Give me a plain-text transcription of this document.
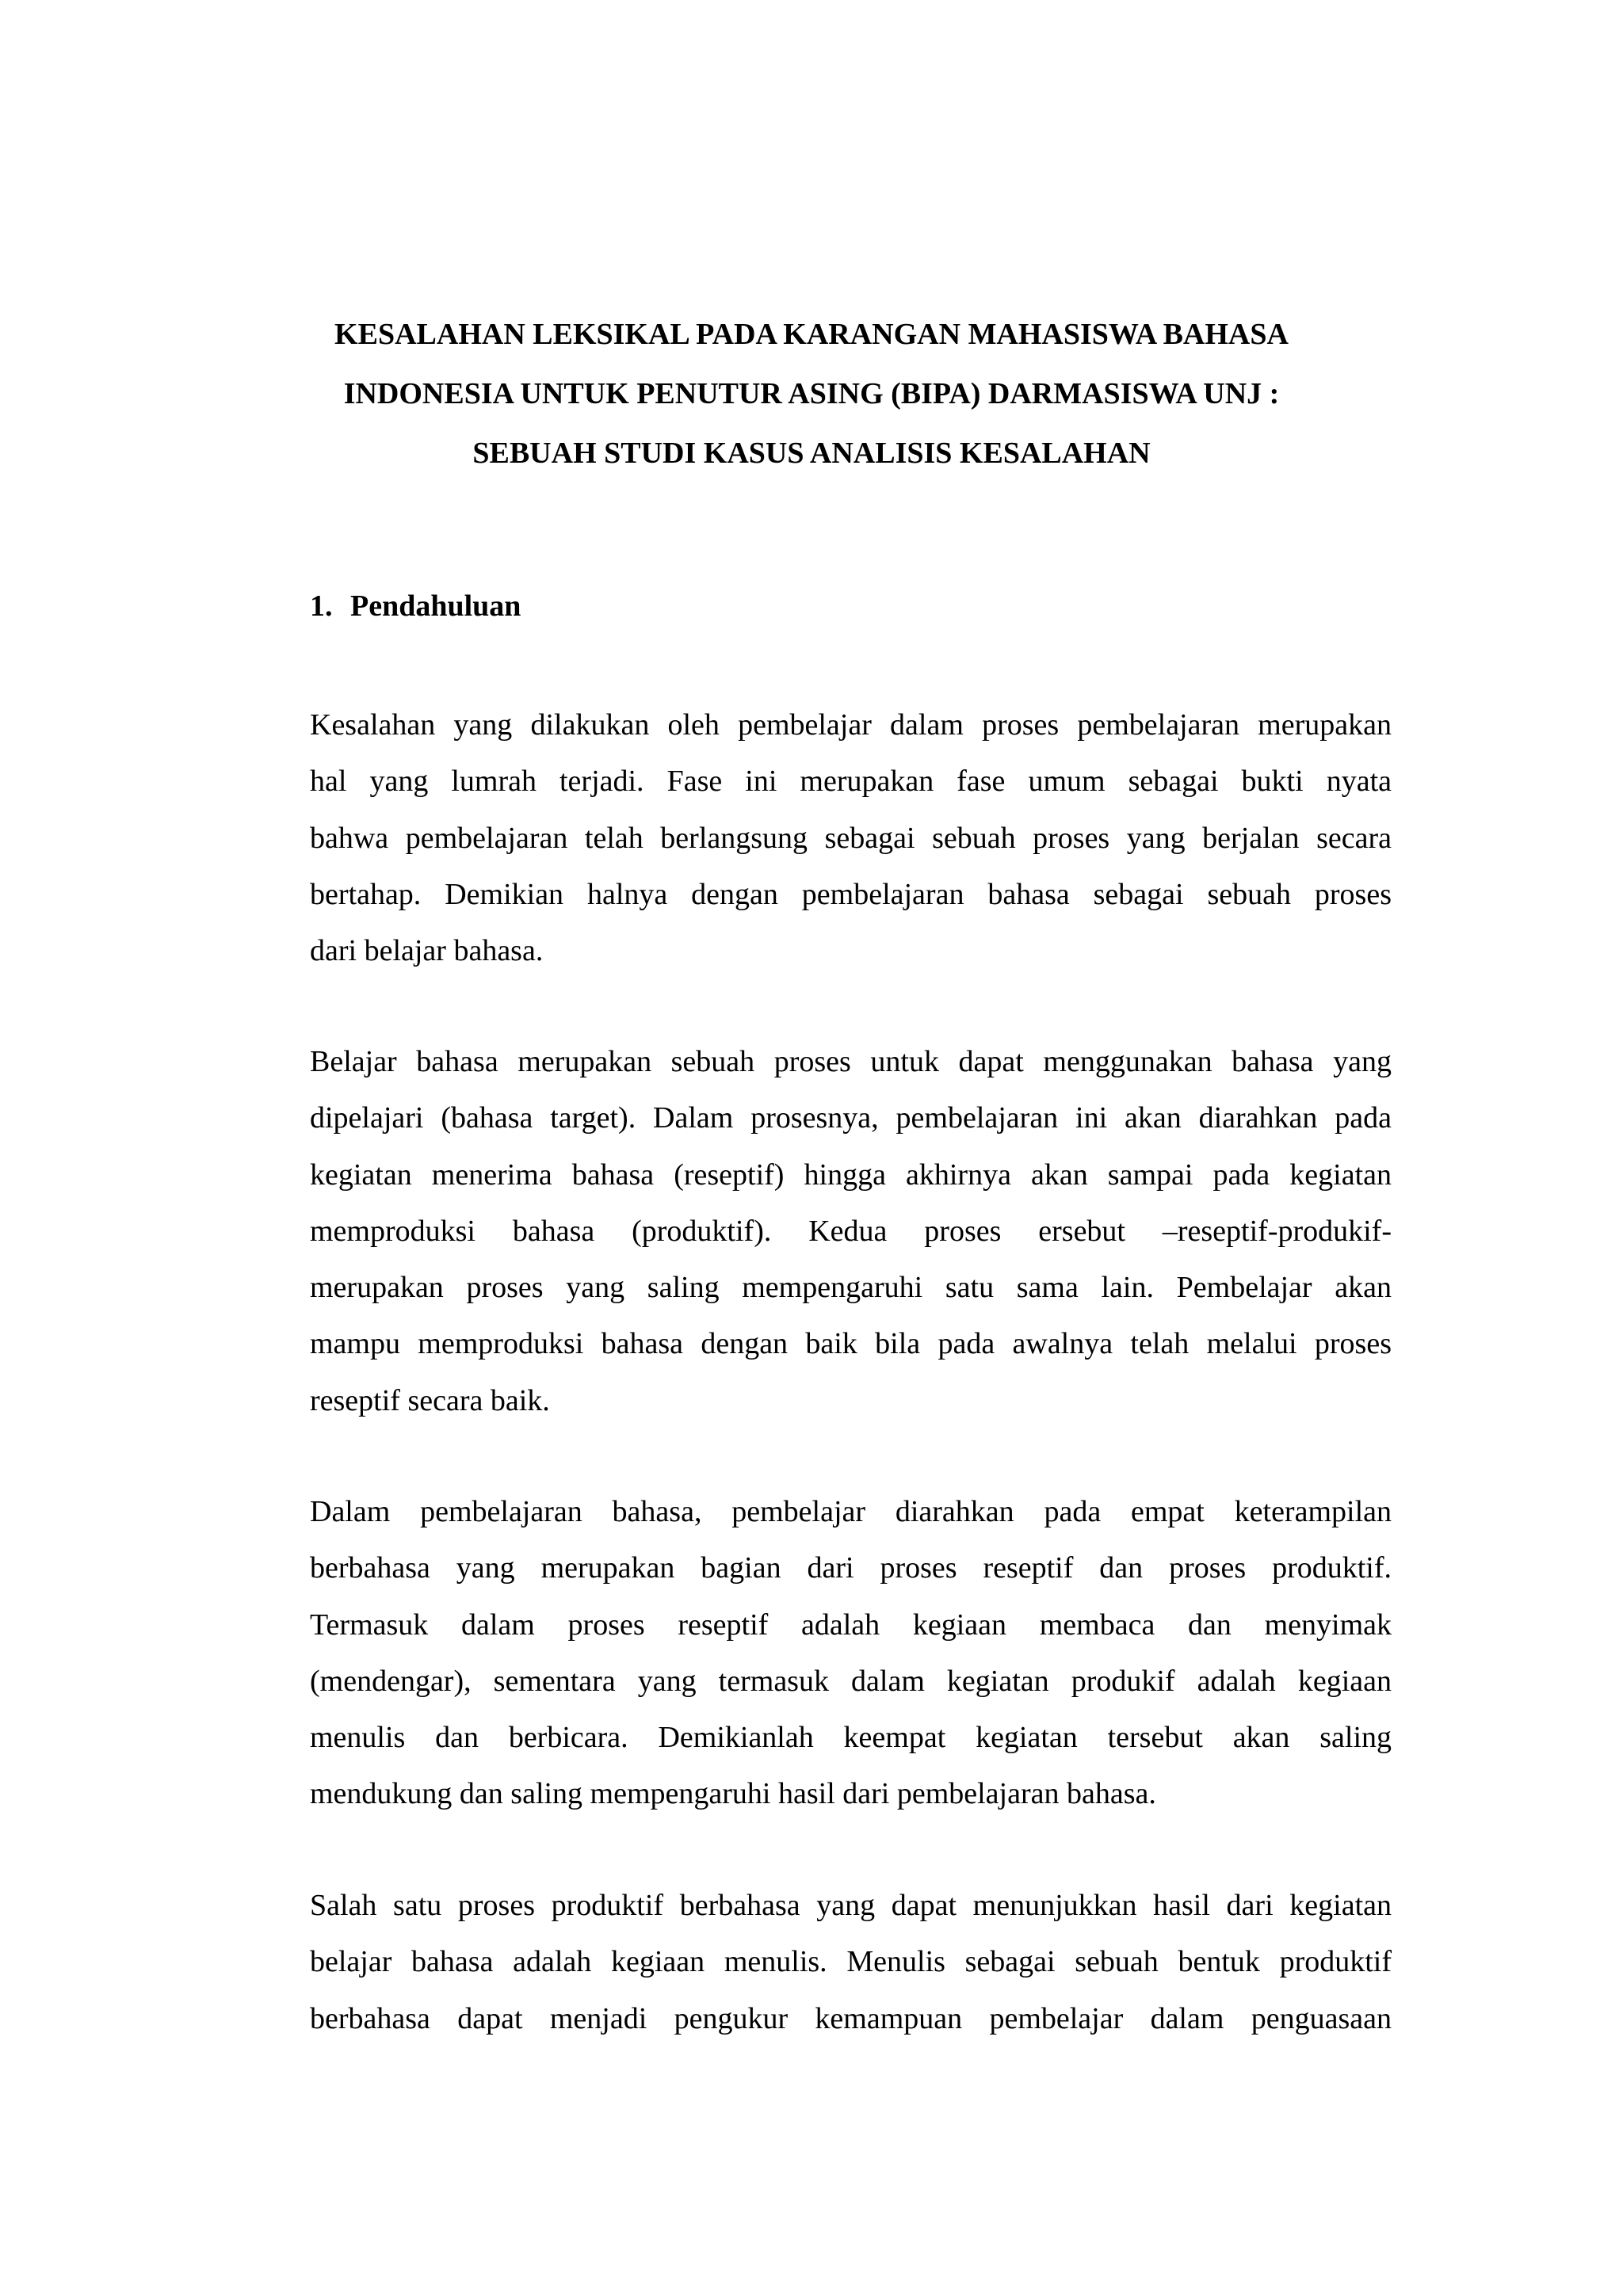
KESALAHAN LEKSIKAL PADA KARANGAN MAHASISWA BAHASA
INDONESIA UNTUK PENUTUR ASING (BIPA) DARMASISWA UNJ :
SEBUAH STUDI KASUS ANALISIS KESALAHAN
1. Pendahuluan
Kesalahan yang dilakukan oleh pembelajar dalam proses pembelajaran merupakan
hal yang lumrah terjadi. Fase ini merupakan fase umum sebagai bukti nyata
bahwa pembelajaran telah berlangsung sebagai sebuah proses yang berjalan secara
bertahap. Demikian halnya dengan pembelajaran bahasa sebagai sebuah proses
dari belajar bahasa.
Belajar bahasa merupakan sebuah proses untuk dapat menggunakan bahasa yang
dipelajari (bahasa target). Dalam prosesnya, pembelajaran ini akan diarahkan pada
kegiatan menerima bahasa (reseptif) hingga akhirnya akan sampai pada kegiatan
memproduksi bahasa (produktif). Kedua proses ersebut –reseptif-produkif-
merupakan proses yang saling mempengaruhi satu sama lain. Pembelajar akan
mampu memproduksi bahasa dengan baik bila pada awalnya telah melalui proses
reseptif secara baik.
Dalam pembelajaran bahasa, pembelajar diarahkan pada empat keterampilan
berbahasa yang merupakan bagian dari proses reseptif dan proses produktif.
Termasuk dalam proses reseptif adalah kegiaan membaca dan menyimak
(mendengar), sementara yang termasuk dalam kegiatan produkif adalah kegiaan
menulis dan berbicara. Demikianlah keempat kegiatan tersebut akan saling
mendukung dan saling mempengaruhi hasil dari pembelajaran bahasa.
Salah satu proses produktif berbahasa yang dapat menunjukkan hasil dari kegiatan
belajar bahasa adalah kegiaan menulis. Menulis sebagai sebuah bentuk produktif
berbahasa dapat menjadi pengukur kemampuan pembelajar dalam penguasaan
